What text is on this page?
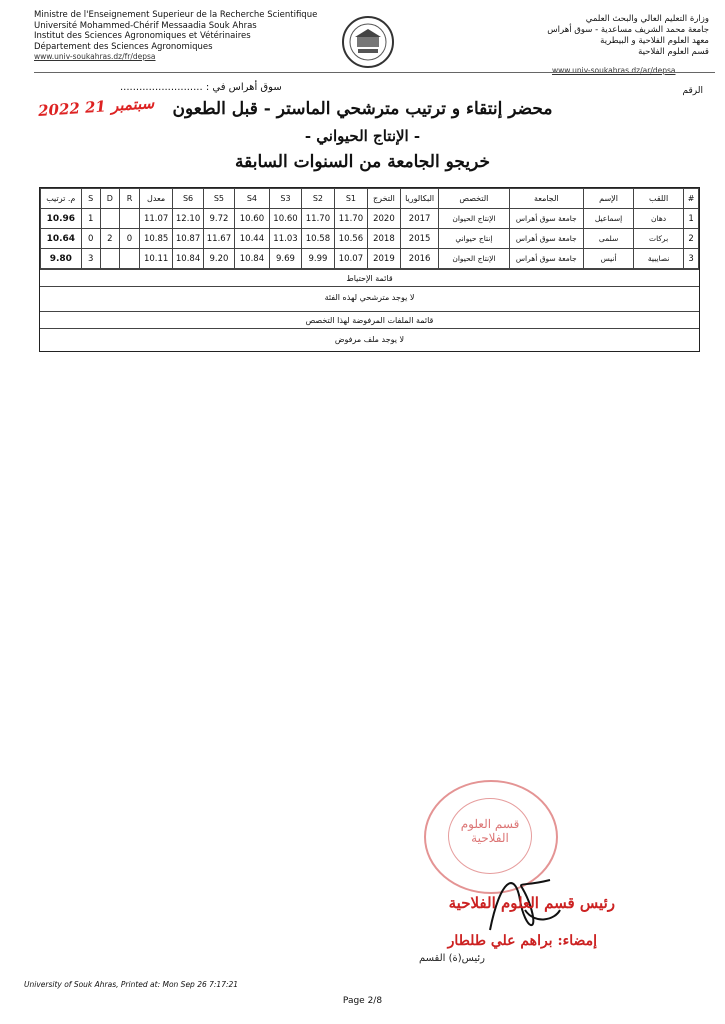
Ministre de l'Enseignement Superieur de la Recherche Scientifique
Université Mohammed-Chérif Messaadia Souk Ahras
Institut des Sciences Agronomiques et Vétérinaires
Département des Sciences Agronomiques
www.univ-soukahras.dz/fr/depsa
وزارة التعليم العالي والبحث العلمي
جامعة محمد الشريف مساعدية - سوق أهراس
معهد العلوم الفلاحية و البيطرية
قسم العلوم الفلاحية
www.univ-soukahras.dz/ar/depsa
سوق أهراس في : ..........................	الرقم
2022 سبتمبر 21	محضر إنتقاء و ترتيب مترشحي الماستر - قبل الطعون
- الإنتاج الحيواني -
خريجو الجامعة من السنوات السابقة
#	اللقب	الإسم	الجامعة	التخصص	البكالوريا	التخرج	S1	S2	S3	S4	S5	S6	معدل	R	D	S	م. ترتيب
1	دهان	إسماعيل	جامعة سوق أهراس	الإنتاج الحيوان	2017	2020	11.70	11.70	10.60	10.60	9.72	12.10	11.07			1	10.96
2	بركات	سلمى	جامعة سوق أهراس	إنتاج حيواني	2015	2018	10.56	10.58	11.03	10.44	11.67	10.87	10.85	0	2	0	10.64
3	نصايبية	أنيس	جامعة سوق أهراس	الإنتاج الحيوان	2016	2019	10.07	9.99	9.69	10.84	9.20	10.84	10.11			3	9.80
قائمة الإحتياط
لا يوجد مترشحي لهذه الفئة
قائمة الملفات المرفوضة لهذا التخصص
لا يوجد ملف مرفوض
قسم العلوم الفلاحية
رئيس قسم العلوم الفلاحية
إمضاء: براهم علي طلطار
رئيس(ة) القسم
University of Souk Ahras, Printed at: Mon Sep 26 7:17:21
Page 2/8
